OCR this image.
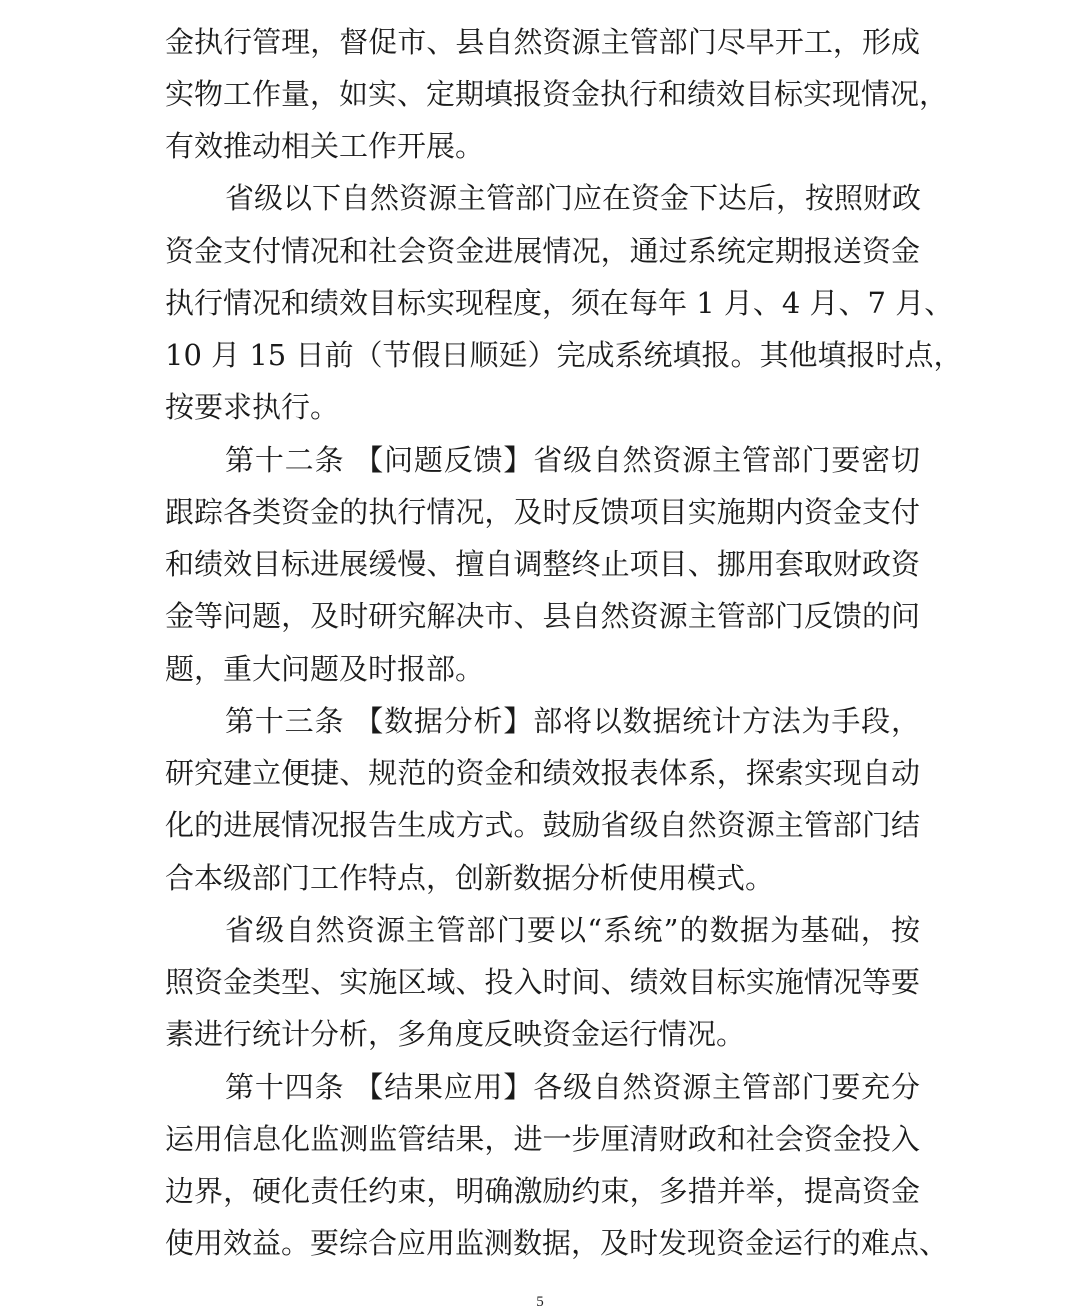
金执行管理，督促市、县自然资源主管部门尽早开工，形成
实物工作量，如实、定期填报资金执行和绩效目标实现情况，
有效推动相关工作开展。
省级以下自然资源主管部门应在资金下达后，按照财政
资金支付情况和社会资金进展情况，通过系统定期报送资金
执行情况和绩效目标实现程度，须在每年 1 月、4 月、7 月、
10 月 15 日前（节假日顺延）完成系统填报。其他填报时点，
按要求执行。
第十二条 【问题反馈】省级自然资源主管部门要密切
跟踪各类资金的执行情况，及时反馈项目实施期内资金支付
和绩效目标进展缓慢、擅自调整终止项目、挪用套取财政资
金等问题，及时研究解决市、县自然资源主管部门反馈的问
题，重大问题及时报部。
第十三条 【数据分析】部将以数据统计方法为手段，
研究建立便捷、规范的资金和绩效报表体系，探索实现自动
化的进展情况报告生成方式。鼓励省级自然资源主管部门结
合本级部门工作特点，创新数据分析使用模式。
省级自然资源主管部门要以“系统”的数据为基础，按
照资金类型、实施区域、投入时间、绩效目标实施情况等要
素进行统计分析，多角度反映资金运行情况。
第十四条 【结果应用】各级自然资源主管部门要充分
运用信息化监测监管结果，进一步厘清财政和社会资金投入
边界，硬化责任约束，明确激励约束，多措并举，提高资金
使用效益。要综合应用监测数据，及时发现资金运行的难点、
5
